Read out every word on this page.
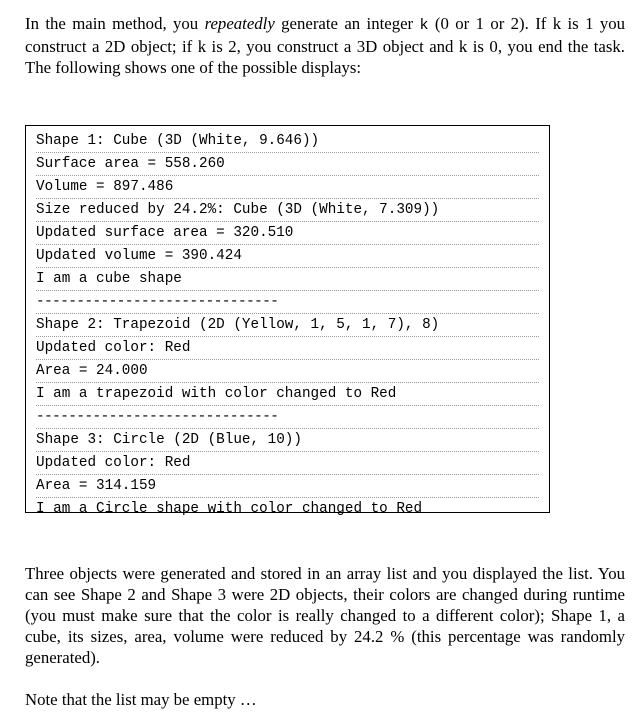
In the main method, you repeatedly generate an integer k (0 or 1 or 2). If k is 1 you construct a 2D object; if k is 2, you construct a 3D object and k is 0, you end the task. The following shows one of the possible displays:

Shape 1: Cube (3D (White, 9.646))
Surface area = 558.260
Volume = 897.486
Size reduced by 24.2%: Cube (3D (White, 7.309))
Updated surface area = 320.510
Updated volume = 390.424
I am a cube shape
------------------------------
Shape 2: Trapezoid (2D (Yellow, 1, 5, 1, 7), 8)
Updated color: Red
Area = 24.000
I am a trapezoid with color changed to Red
------------------------------
Shape 3: Circle (2D (Blue, 10))
Updated color: Red
Area = 314.159
I am a Circle shape with color changed to Red

Three objects were generated and stored in an array list and you displayed the list. You can see Shape 2 and Shape 3 were 2D objects, their colors are changed during runtime (you must make sure that the color is really changed to a different color); Shape 1, a cube, its sizes, area, volume were reduced by 24.2 % (this percentage was randomly generated).

Note that the list may be empty …
